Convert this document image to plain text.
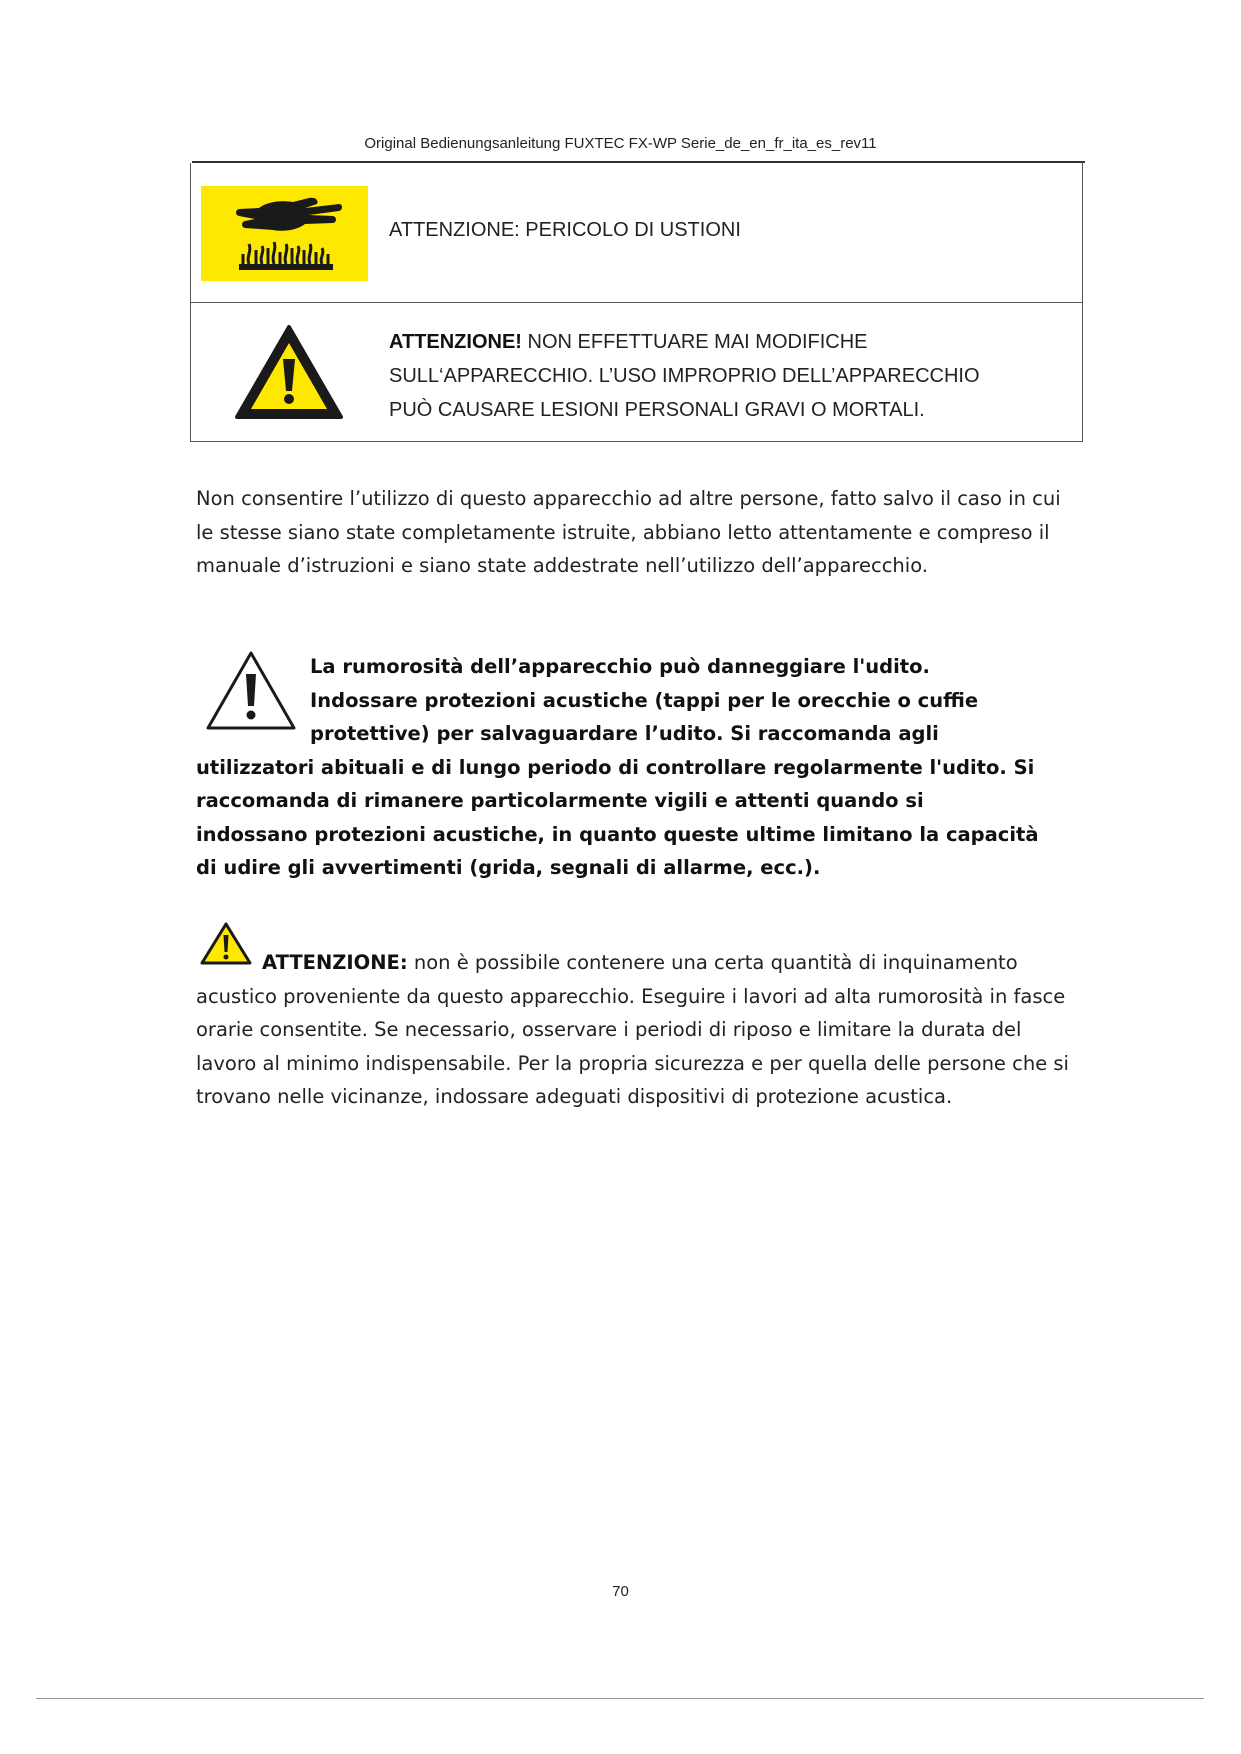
Original Bedienungsanleitung FUXTEC FX-WP Serie_de_en_fr_ita_es_rev11
ATTENZIONE: PERICOLO DI USTIONI
ATTENZIONE! NON EFFETTUARE MAI MODIFICHE
SULL‘APPARECCHIO. L’USO IMPROPRIO DELL’APPARECCHIO
PUÒ CAUSARE LESIONI PERSONALI GRAVI O MORTALI.
Non consentire l’utilizzo di questo apparecchio ad altre persone, fatto salvo il caso in cui
le stesse siano state completamente istruite, abbiano letto attentamente e compreso il
manuale d’istruzioni e siano state addestrate nell’utilizzo dell’apparecchio.
La rumorosità dell’apparecchio può danneggiare l'udito.
Indossare protezioni acustiche (tappi per le orecchie o cuffie
protettive) per salvaguardare l’udito. Si raccomanda agli
utilizzatori abituali e di lungo periodo di controllare regolarmente l'udito. Si
raccomanda di rimanere particolarmente vigili e attenti quando si
indossano protezioni acustiche, in quanto queste ultime limitano la capacità
di udire gli avvertimenti (grida, segnali di allarme, ecc.).
ATTENZIONE: non è possibile contenere una certa quantità di inquinamento
acustico proveniente da questo apparecchio. Eseguire i lavori ad alta rumorosità in fasce
orarie consentite. Se necessario, osservare i periodi di riposo e limitare la durata del
lavoro al minimo indispensabile. Per la propria sicurezza e per quella delle persone che si
trovano nelle vicinanze, indossare adeguati dispositivi di protezione acustica.
70
